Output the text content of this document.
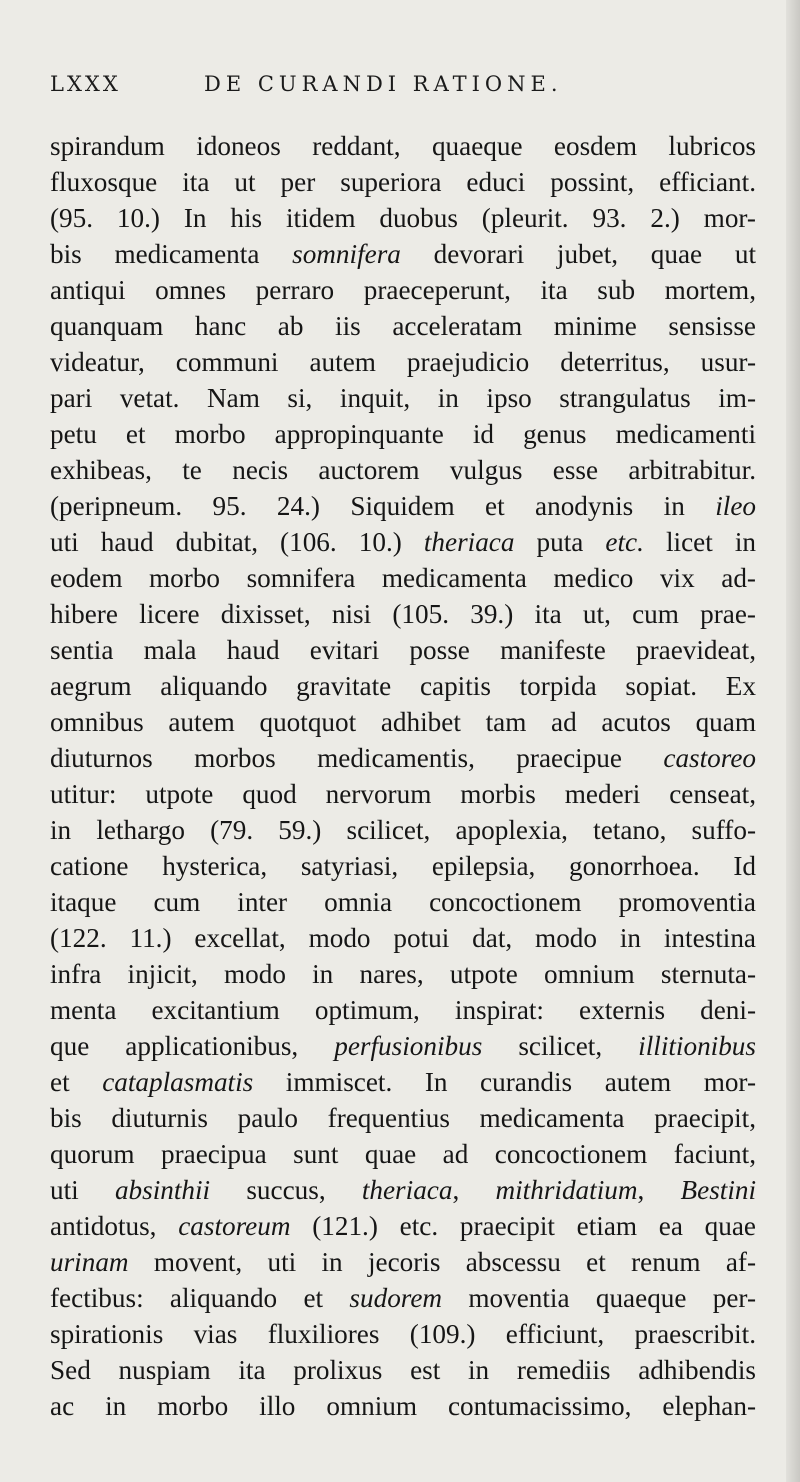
LXXX	DE CURANDI RATIONE.
spirandum idoneos reddant, quaeque eosdem lubricos
fluxosque ita ut per superiora educi possint, efficiant.
(95. 10.) In his itidem duobus (pleurit. 93. 2.) mor-
bis medicamenta somnifera devorari jubet, quae ut
antiqui omnes perraro praeceperunt, ita sub mortem,
quanquam hanc ab iis acceleratam minime sensisse
videatur, communi autem praejudicio deterritus, usur-
pari vetat. Nam si, inquit, in ipso strangulatus im-
petu et morbo appropinquante id genus medicamenti
exhibeas, te necis auctorem vulgus esse arbitrabitur.
(peripneum. 95. 24.) Siquidem et anodynis in ileo
uti haud dubitat, (106. 10.) theriaca puta etc. licet in
eodem morbo somnifera medicamenta medico vix ad-
hibere licere dixisset, nisi (105. 39.) ita ut, cum prae-
sentia mala haud evitari posse manifeste praevideat,
aegrum aliquando gravitate capitis torpida sopiat. Ex
omnibus autem quotquot adhibet tam ad acutos quam
diuturnos morbos medicamentis, praecipue castoreo
utitur: utpote quod nervorum morbis mederi censeat,
in lethargo (79. 59.) scilicet, apoplexia, tetano, suffo-
catione hysterica, satyriasi, epilepsia, gonorrhoea. Id
itaque cum inter omnia concoctionem promoventia
(122. 11.) excellat, modo potui dat, modo in intestina
infra injicit, modo in nares, utpote omnium sternuta-
menta excitantium optimum, inspirat: externis deni-
que applicationibus, perfusionibus scilicet, illitionibus
et cataplasmatis immiscet. In curandis autem mor-
bis diuturnis paulo frequentius medicamenta praecipit,
quorum praecipua sunt quae ad concoctionem faciunt,
uti absinthii succus, theriaca, mithridatium, Bestini
antidotus, castoreum (121.) etc. praecipit etiam ea quae
urinam movent, uti in jecoris abscessu et renum af-
fectibus: aliquando et sudorem moventia quaeque per-
spirationis vias fluxiliores (109.) efficiunt, praescribit.
Sed nuspiam ita prolixus est in remediis adhibendis
ac in morbo illo omnium contumacissimo, elephan-
